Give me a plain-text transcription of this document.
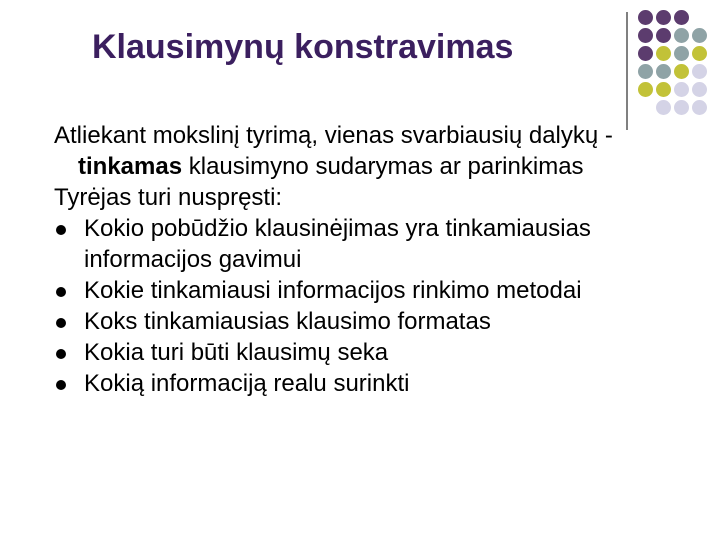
Klausimynų konstravimas

Atliekant mokslinį tyrimą, vienas svarbiausių dalykų - tinkamas klausimyno sudarymas ar parinkimas

Tyrėjas turi nuspręsti:

Kokio pobūdžio klausinėjimas yra tinkamiausias informacijos gavimui
Kokie tinkamiausi informacijos rinkimo metodai
Koks tinkamiausias klausimo formatas
Kokia turi būti klausimų seka
Kokią informaciją realu surinkti
